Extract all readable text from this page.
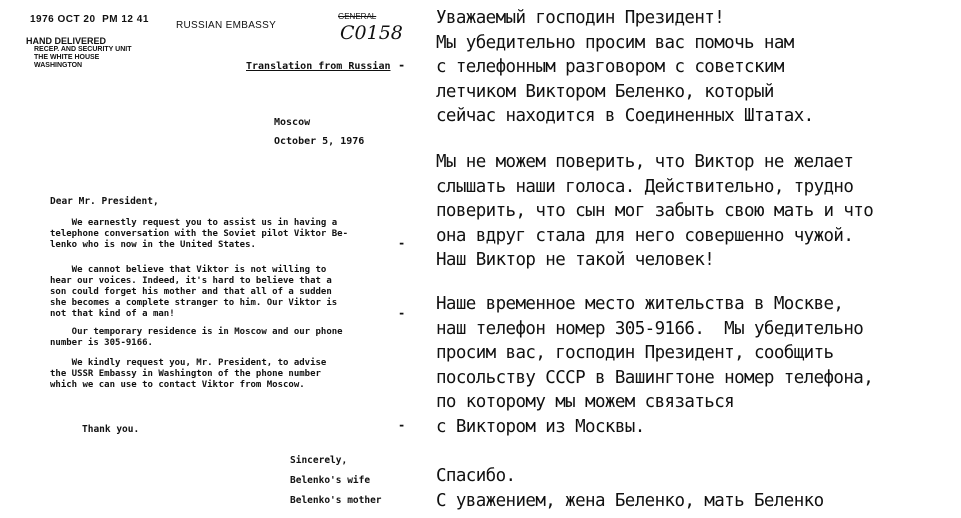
1976 OCT 20  PM 12 41
HAND DELIVERED
RECEP. AND SECURITY UNIT
THE WHITE HOUSE
WASHINGTON
RUSSIAN EMBASSY
GENERAL
C0158
Translation from Russian
Moscow
October 5, 1976
Dear Mr. President,
We earnestly request you to assist us in having a
telephone conversation with the Soviet pilot Viktor Be-
lenko who is now in the United States.
We cannot believe that Viktor is not willing to
hear our voices. Indeed, it's hard to believe that a
son could forget his mother and that all of a sudden
she becomes a complete stranger to him. Our Viktor is
not that kind of a man!
Our temporary residence is in Moscow and our phone
number is 305-9166.
We kindly request you, Mr. President, to advise
the USSR Embassy in Washington of the phone number
which we can use to contact Viktor from Moscow.
Thank you.
Sincerely,
Belenko's wife
Belenko's mother
-
-
-
-
Уважаемый господин Президент!
Мы убедительно просим вас помочь нам
с телефонным разговором с советским
летчиком Виктором Беленко, который
сейчас находится в Соединенных Штатах.
Мы не можем поверить, что Виктор не желает
слышать наши голоса. Действительно, трудно
поверить, что сын мог забыть свою мать и что
она вдруг стала для него совершенно чужой.
Наш Виктор не такой человек!
Наше временное место жительства в Москве,
наш телефон номер 305-9166.  Мы убедительно
просим вас, господин Президент, сообщить
посольству СССР в Вашингтоне номер телефона,
по которому мы можем связаться
с Виктором из Москвы.
Спасибо.
С уважением, жена Беленко, мать Беленко
